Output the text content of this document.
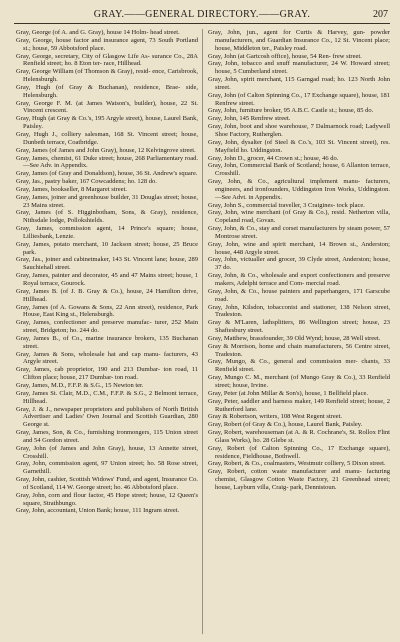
GRAY.——GENERAL DIRECTORY.——GRAY.	207

Gray, George (of A. and G. Gray), house 14 Holm- head street.

Gray, George, house factor and insurance agent, 73 South Portland st.; house, 59 Abbotsford place.

Gray, George, secretary, City of Glasgow Life As- surance Co., 28A Renfield street; ho. 8 Eton ter- race, Hillhead.

Gray, George William (of Thomson & Gray), resid- ence, Carisbrook, Helensburgh.

Gray, Hugh (of Gray & Buchanan), residence, Brae- side, Helensburgh.

Gray, George F. M. (at James Watson's, builder), house, 22 St. Vincent crescent.

Gray, Hugh (at Gray & Co.'s, 195 Argyle street), house, Laurel Bank, Paisley.

Gray, Hugh J., colliery salesman, 168 St. Vincent street; house, Dunbeth terrace, Coatbridge.

Gray, James (of James and John Gray), house, 12 Kelvingrove street.

Gray, James, chemist, 61 Duke street; house, 268 Parliamentary road.—See Adv. in Appendix.

Gray, James (of Gray and Donaldson), house, 36 St. Andrew's square.

Gray, Jas., pastry baker, 167 Cowcaddens; ho. 128 do.

Gray, James, bookseller, 8 Margaret street.

Gray, James, joiner and greenhouse builder, 31 Douglas street; house, 23 Mains street.

Gray, James (of S. Higginbotham, Sons, & Gray), residence, Nithsdale lodge, Pollokshields.

Gray, James, commission agent, 14 Prince's square; house, Lilliesbank, Lenzie.

Gray, James, potato merchant, 10 Jackson street; house, 25 Bruce park.

Gray, Jas., joiner and cabinetmaker, 143 St. Vincent lane; house, 289 Sauchiehall street.

Gray, James, painter and decorator, 45 and 47 Mains street; house, 1 Royal terrace, Gourock.

Gray, James B. (of J. B. Gray & Co.), house, 24 Hamilton drive, Hillhead.

Gray, James (of A. Gowans & Sons, 22 Ann street), residence, Park House, East King st., Helensburgh.

Gray, James, confectioner and preserve manufac- turer, 252 Main street, Bridgeton; ho. 244 do.

Gray, James B., of Co., marine insurance brokers, 135 Buchanan street.

Gray, James & Sons, wholesale hat and cap manu- facturers, 43 Argyle street.

Gray, James, cab proprietor, 190 and 213 Dumbar- ton road, 11 Clifton place; house, 217 Dumbar- ton road.

Gray, James, M.D., F.F.P. & S.G., 15 Newton ter.

Gray, James St. Clair, M.D., C.M., F.F.P. & S.G., 2 Belmont terrace, Hillhead.

Gray, J. & J., newspaper proprietors and publishers of North British Advertiser and Ladies' Own Journal and Scottish Guardian, 280 George st.

Gray, James, Son, & Co., furnishing ironmongers, 115 Union street and 54 Gordon street.

Gray, John (of James and John Gray), house, 13 Annette street, Crosshill.

Gray, John, commission agent, 97 Union street; ho. 58 Rose street, Garnethill.

Gray, John, cashier, Scottish Widows' Fund, and agent, Insurance Co. of Scotland, 114 W. George street; ho. 46 Abbotsford place.

Gray, John, corn and flour factor, 45 Hope street; house, 12 Queen's square, Strathbungo.

Gray, John, accountant, Union Bank; house, 111 Ingram street.

Gray, John, jun., agent for Curtis & Harvey, gun- powder manufacturers, and Guardian Insurance Co., 12 St. Vincent place; house, Middleton ter., Paisley road.

Gray, John (at Gartcosh office), house, 54 Ren- frew street.

Gray, John, tobacco and snuff manufacturer, 24 W. Howard street; house, 5 Cumberland street.

Gray, John, spirit merchant, 115 Garngad road; ho. 123 North John street.

Gray, John (of Calton Spinning Co., 17 Exchange square), house, 181 Renfrew street.

Gray, John, furniture broker, 95 A.B.C. Castle st.; house, 85 do.

Gray, John, 145 Renfrew street.

Gray, John, boot and shoe warehouse, 7 Dalmarnock road; Ladywell Shoe Factory, Rutherglen.

Gray, John, dysalter (of Steel & Co.'s, 103 St. Vincent street), res. Mayfield ho. Uddingston.

Gray, John D., grocer, 44 Crown st.; house, 46 do.

Gray, John, Commercial Bank of Scotland; house, 6 Allanton terrace, Crosshill.

Gray, John, & Co., agricultural implement manu- facturers, engineers, and ironfounders, Uddingston Iron Works, Uddingston.—See Advt. in Appendix.

Gray, John S., commercial traveller, 3 Craigines- tock place.

Gray, John, wine merchant (of Gray & Co.), resid. Netherton villa, Copeland road, Govan.

Gray, John, & Co., stay and corset manufacturers by steam power, 57 Montrose street.

Gray, John, wine and spirit merchant, 14 Brown st., Anderston; house, 448 Argyle street.

Gray, John, victualler and grocer, 39 Clyde street, Anderston; house, 37 do.

Gray, John, & Co., wholesale and export confectioners and preserve makers, Adelphi terrace and Com- mercial road.

Gray, John, & Co., house painters and paperhangers, 171 Garscube road.

Gray, John, Kilsdon, tobacconist and stationer, 138 Nelson street, Tradeston.

Gray & M'Laren, lathsplitters, 86 Wellington street; house, 23 Shaftesbury street.

Gray, Matthew, brassfounder, 39 Old Wynd; house, 28 Well street.

Gray & Morrison, home and chain manufacturers, 56 Centre street, Tradeston.

Gray, Mungo, & Co., general and commission mer- chants, 33 Renfield street.

Gray, Mungo C. M., merchant (of Mungo Gray & Co.), 33 Renfield street; house, Irvine.

Gray, Peter (at John Millar & Son's), house, 1 Bellfield place.

Gray, Peter, saddler and harness maker, 149 Renfield street; house, 2 Rutherford lane.

Gray & Robertson, writers, 108 West Regent street.

Gray, Robert (of Gray & Co.), house, Laurel Bank, Paisley.

Gray, Robert, warehouseman (at A. & R. Cochrane's, St. Rollox Flint Glass Works), ho. 28 Glebe st.

Gray, Robert (of Calton Spinning Co., 17 Exchange square), residence, Fieldhouse, Bothwell.

Gray, Robert, & Co., coalmasters, Westmuir colliery, 5 Dixon street.

Gray, Robert, cotton waste manufacturer and manu- facturing chemist, Glasgow Cotton Waste Factory, 21 Greenhead street; house, Layburn villa, Craig- park, Dennistoun.
